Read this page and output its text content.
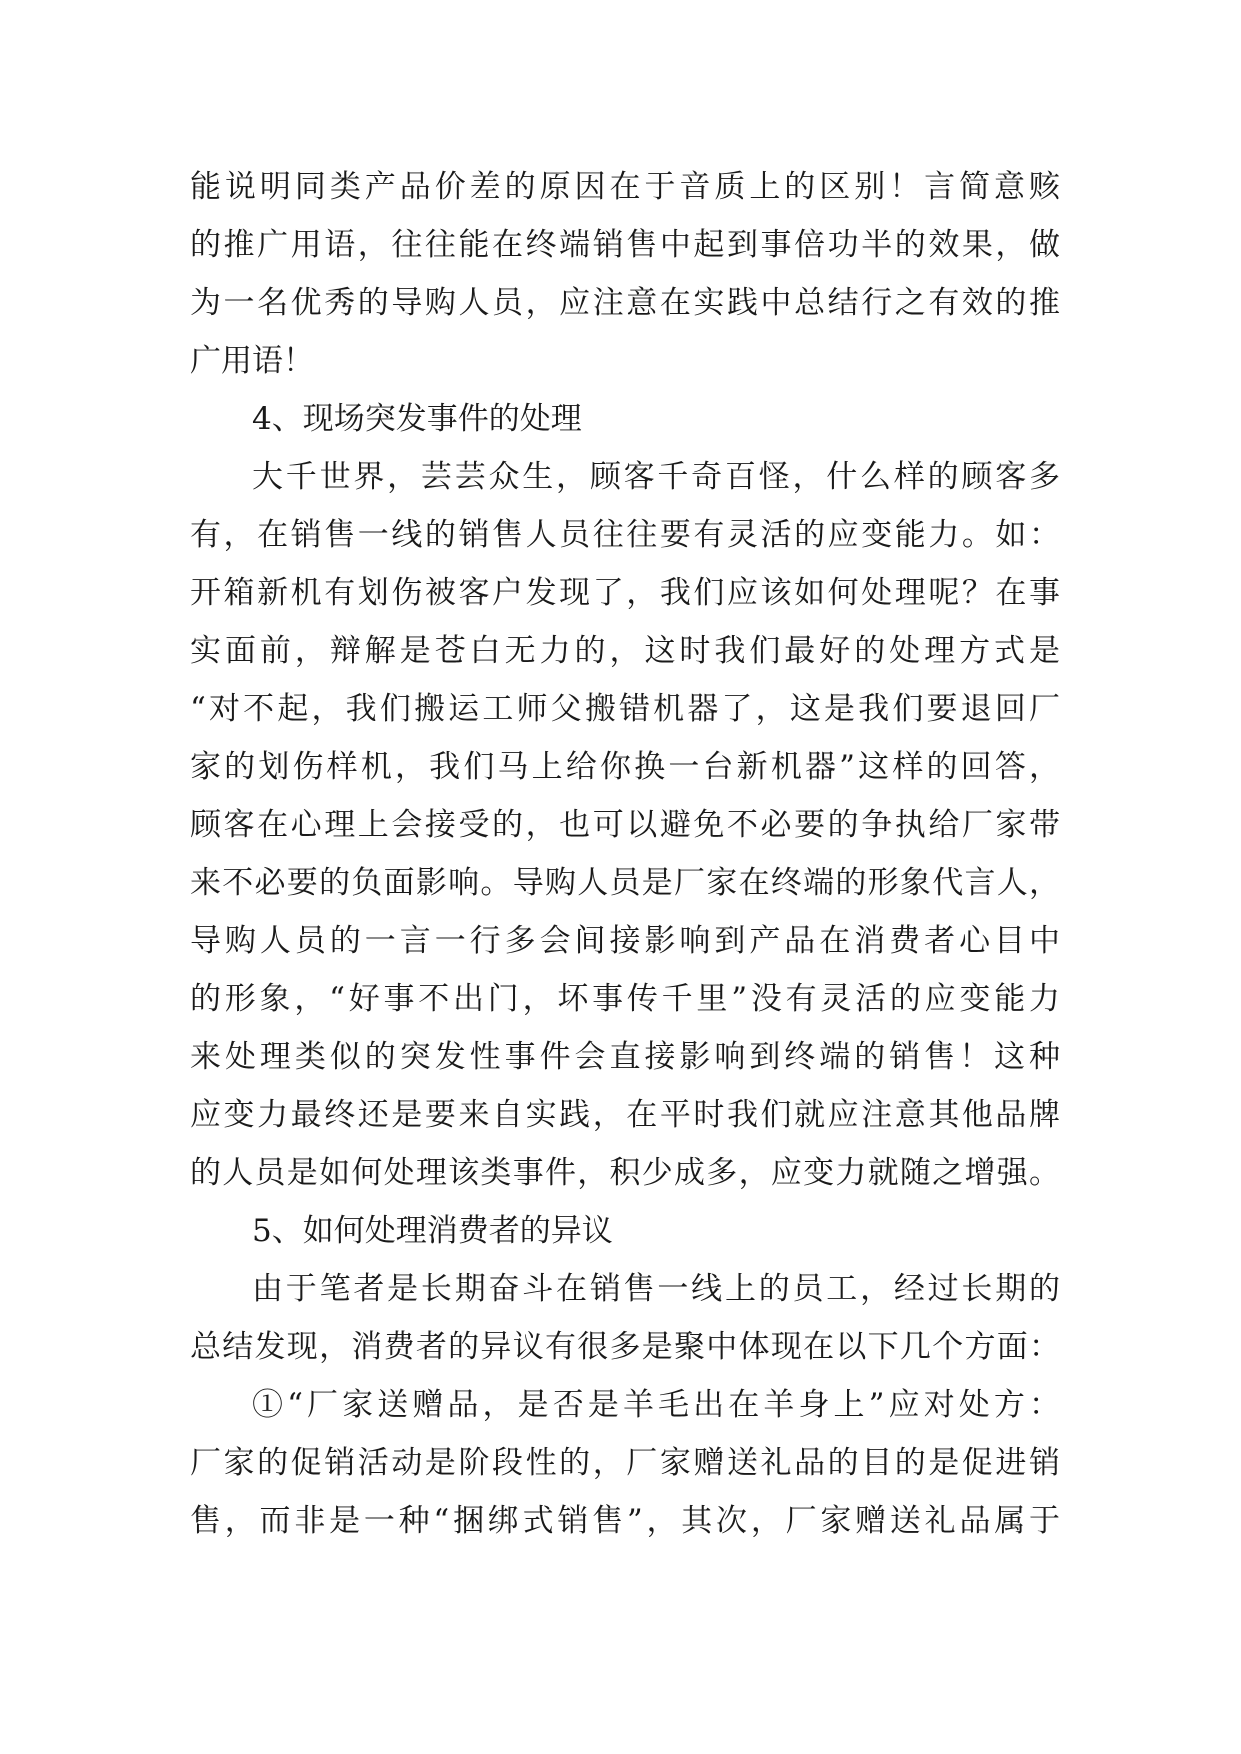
能说明同类产品价差的原因在于音质上的区别！言简意赅
的推广用语，往往能在终端销售中起到事倍功半的效果，做
为一名优秀的导购人员，应注意在实践中总结行之有效的推
广用语！
4、现场突发事件的处理
大千世界，芸芸众生，顾客千奇百怪，什么样的顾客多
有，在销售一线的销售人员往往要有灵活的应变能力。如：
开箱新机有划伤被客户发现了，我们应该如何处理呢？在事
实面前，辩解是苍白无力的，这时我们最好的处理方式是
“对不起，我们搬运工师父搬错机器了，这是我们要退回厂
家的划伤样机，我们马上给你换一台新机器”这样的回答，
顾客在心理上会接受的，也可以避免不必要的争执给厂家带
来不必要的负面影响。导购人员是厂家在终端的形象代言人，
导购人员的一言一行多会间接影响到产品在消费者心目中
的形象，“好事不出门，坏事传千里”没有灵活的应变能力
来处理类似的突发性事件会直接影响到终端的销售！这种
应变力最终还是要来自实践，在平时我们就应注意其他品牌
的人员是如何处理该类事件，积少成多，应变力就随之增强。
5、如何处理消费者的异议
由于笔者是长期奋斗在销售一线上的员工，经过长期的
总结发现，消费者的异议有很多是聚中体现在以下几个方面：
①“厂家送赠品，是否是羊毛出在羊身上”应对处方：
厂家的促销活动是阶段性的，厂家赠送礼品的目的是促进销
售，而非是一种“捆绑式销售”，其次，厂家赠送礼品属于
